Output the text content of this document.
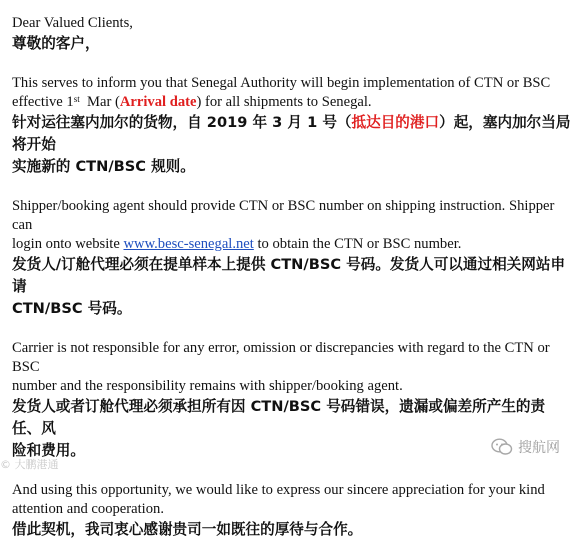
Dear Valued Clients,

尊敬的客户，

This serves to inform you that Senegal Authority will begin implementation of CTN or BSC

effective 1st  Mar (Arrival date) for all shipments to Senegal.

针对运往塞内加尔的货物，自 2019 年 3 月 1 号（抵达目的港口）起，塞内加尔当局将开始

实施新的 CTN/BSC 规则。

Shipper/booking agent should provide CTN or BSC number on shipping instruction. Shipper can

login onto website www.besc-senegal.net to obtain the CTN or BSC number.

发货人/订舱代理必须在提单样本上提供 CTN/BSC 号码。发货人可以通过相关网站申请

CTN/BSC 号码。

Carrier is not responsible for any error, omission or discrepancies with regard to the CTN or BSC

number and the responsibility remains with shipper/booking agent.

发货人或者订舱代理必须承担所有因 CTN/BSC 号码错误，遗漏或偏差所产生的责任、风

险和费用。

And using this opportunity, we would like to express our sincere appreciation for your kind

attention and cooperation.

借此契机，我司衷心感谢贵司一如既往的厚待与合作。

© 大鹏港通
搜航网
